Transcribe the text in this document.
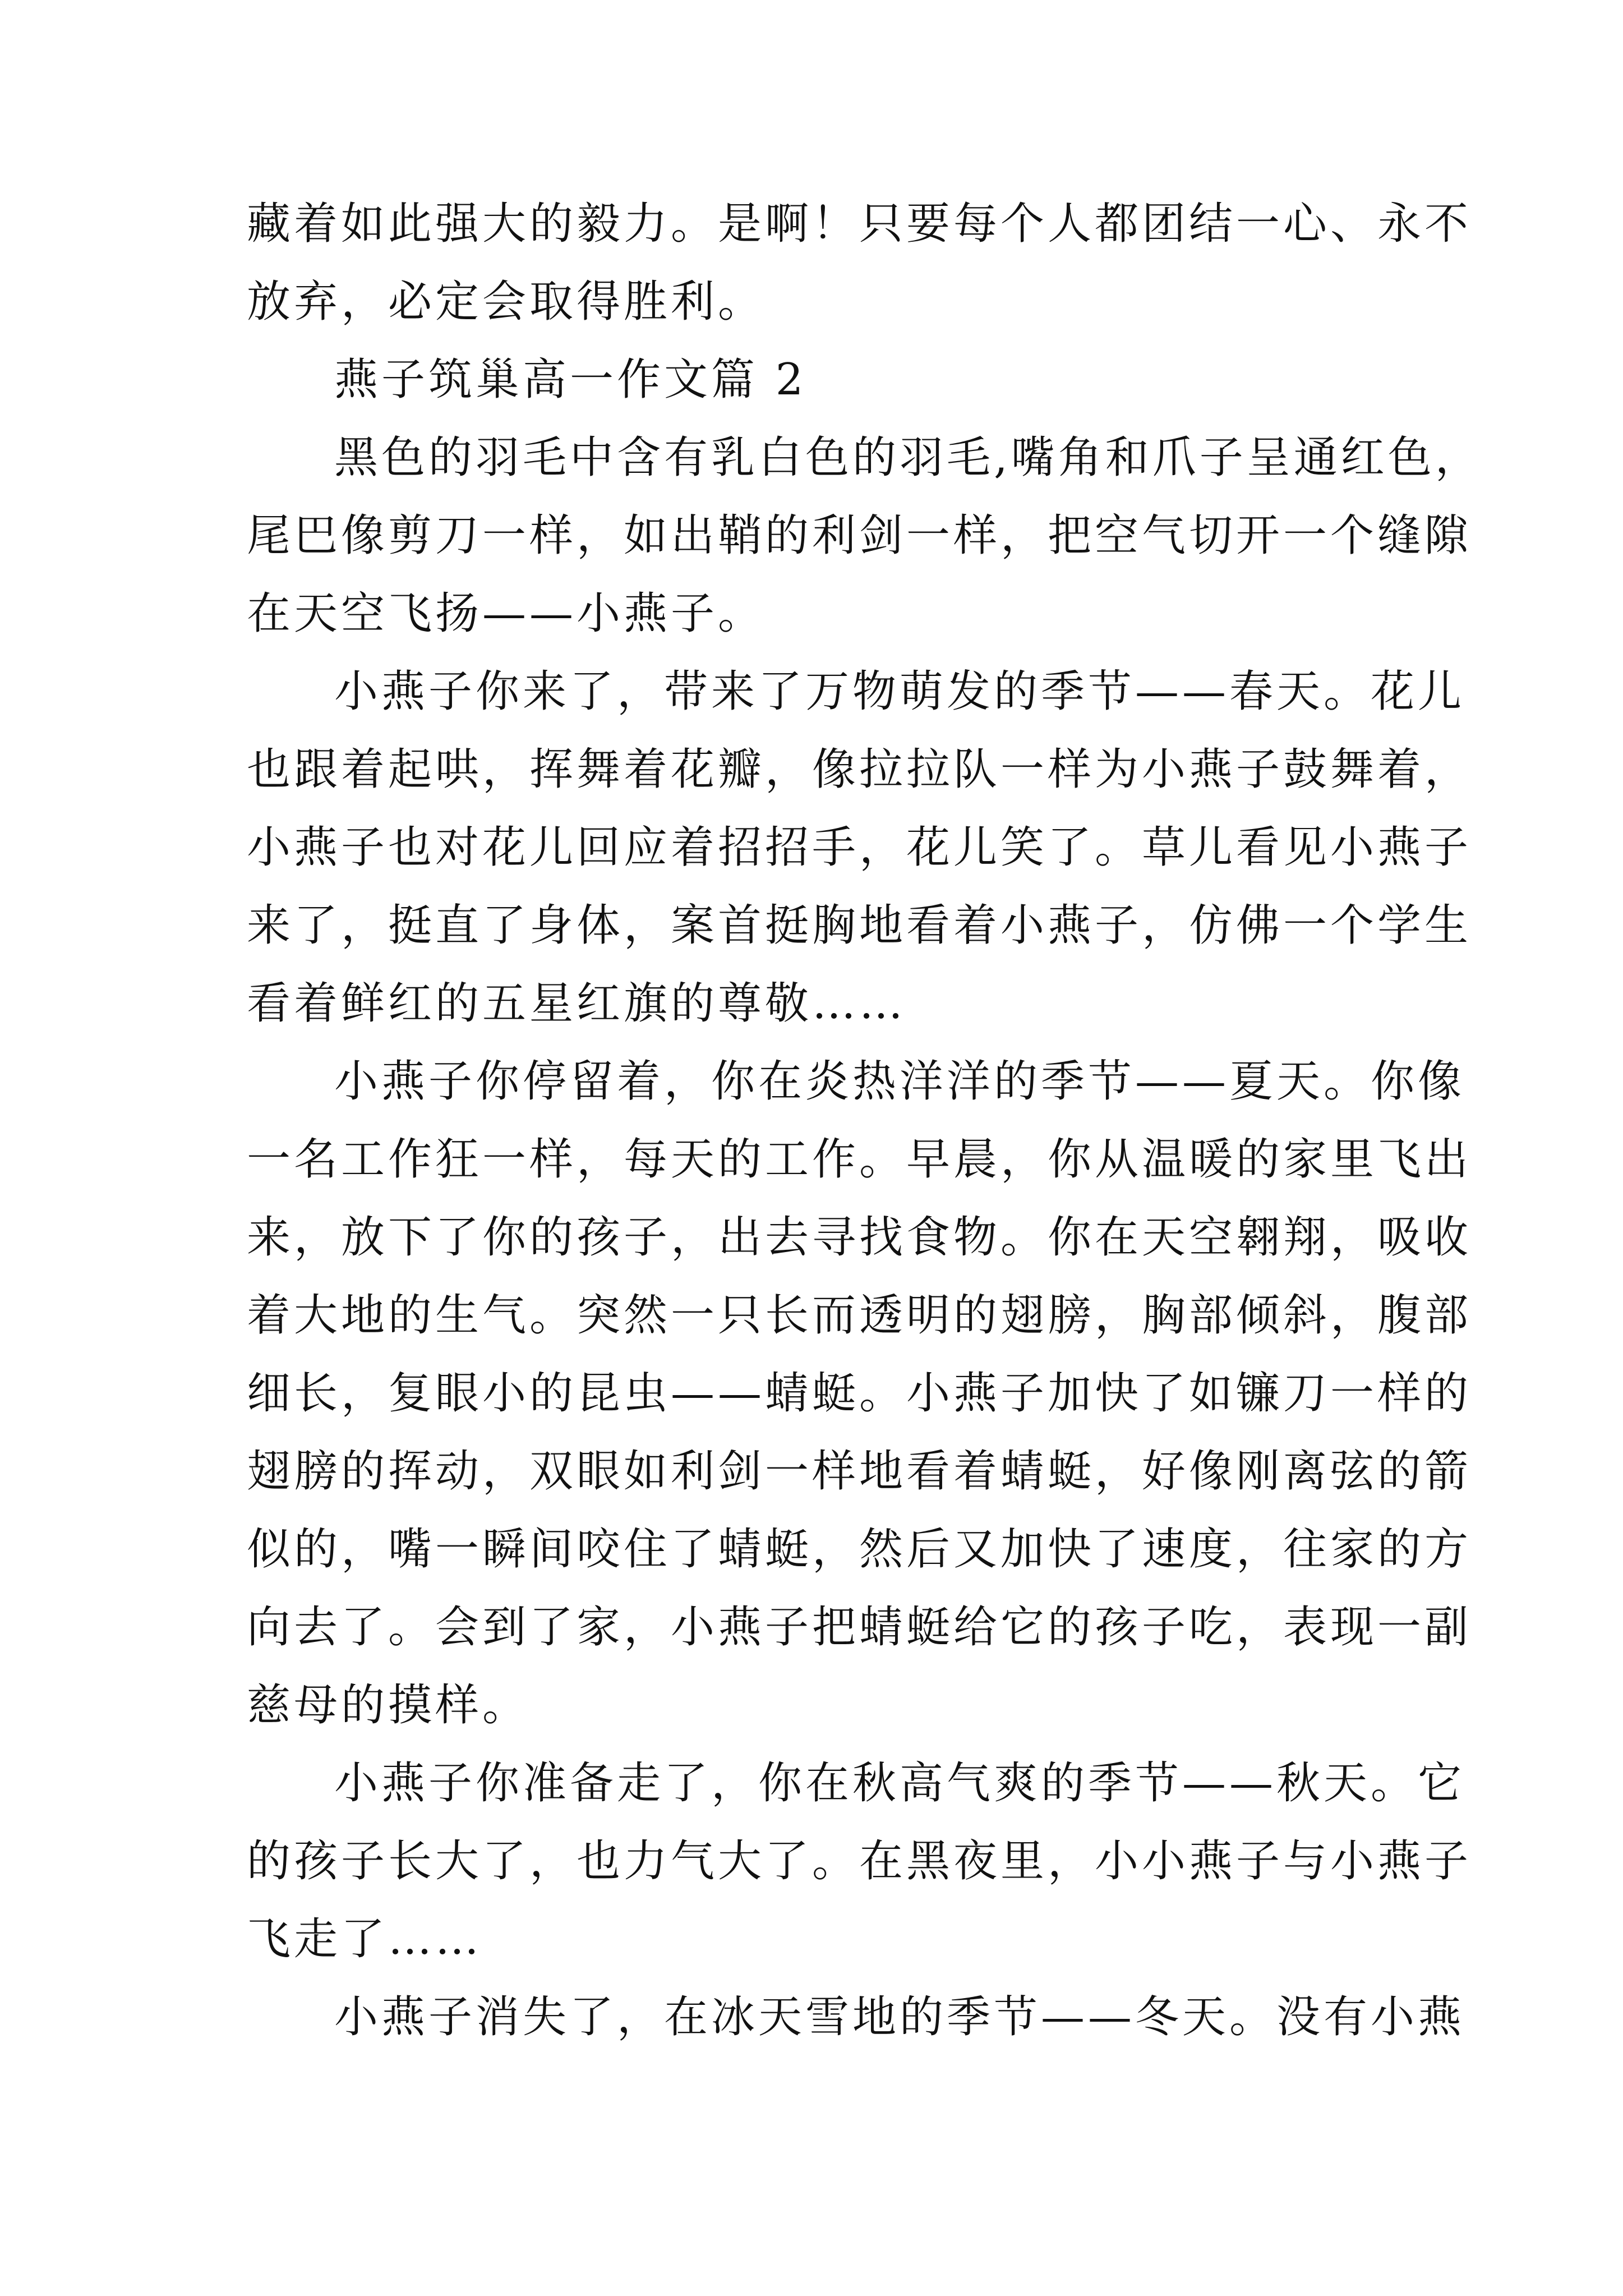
藏着如此强大的毅力。是啊！只要每个人都团结一心、永不
放弃，必定会取得胜利。
燕子筑巢高一作文篇 2
黑色的羽毛中含有乳白色的羽毛,嘴角和爪子呈通红色，
尾巴像剪刀一样，如出鞘的利剑一样，把空气切开一个缝隙
在天空飞扬——小燕子。
小燕子你来了，带来了万物萌发的季节——春天。花儿
也跟着起哄，挥舞着花瓣，像拉拉队一样为小燕子鼓舞着，
小燕子也对花儿回应着招招手，花儿笑了。草儿看见小燕子
来了，挺直了身体，案首挺胸地看着小燕子，仿佛一个学生
看着鲜红的五星红旗的尊敬……
小燕子你停留着，你在炎热洋洋的季节——夏天。你像
一名工作狂一样，每天的工作。早晨，你从温暖的家里飞出
来，放下了你的孩子，出去寻找食物。你在天空翱翔，吸收
着大地的生气。突然一只长而透明的翅膀，胸部倾斜，腹部
细长，复眼小的昆虫——蜻蜓。小燕子加快了如镰刀一样的
翅膀的挥动，双眼如利剑一样地看着蜻蜓，好像刚离弦的箭
似的，嘴一瞬间咬住了蜻蜓，然后又加快了速度，往家的方
向去了。会到了家，小燕子把蜻蜓给它的孩子吃，表现一副
慈母的摸样。
小燕子你准备走了，你在秋高气爽的季节——秋天。它
的孩子长大了，也力气大了。在黑夜里，小小燕子与小燕子
飞走了……
小燕子消失了，在冰天雪地的季节——冬天。没有小燕
